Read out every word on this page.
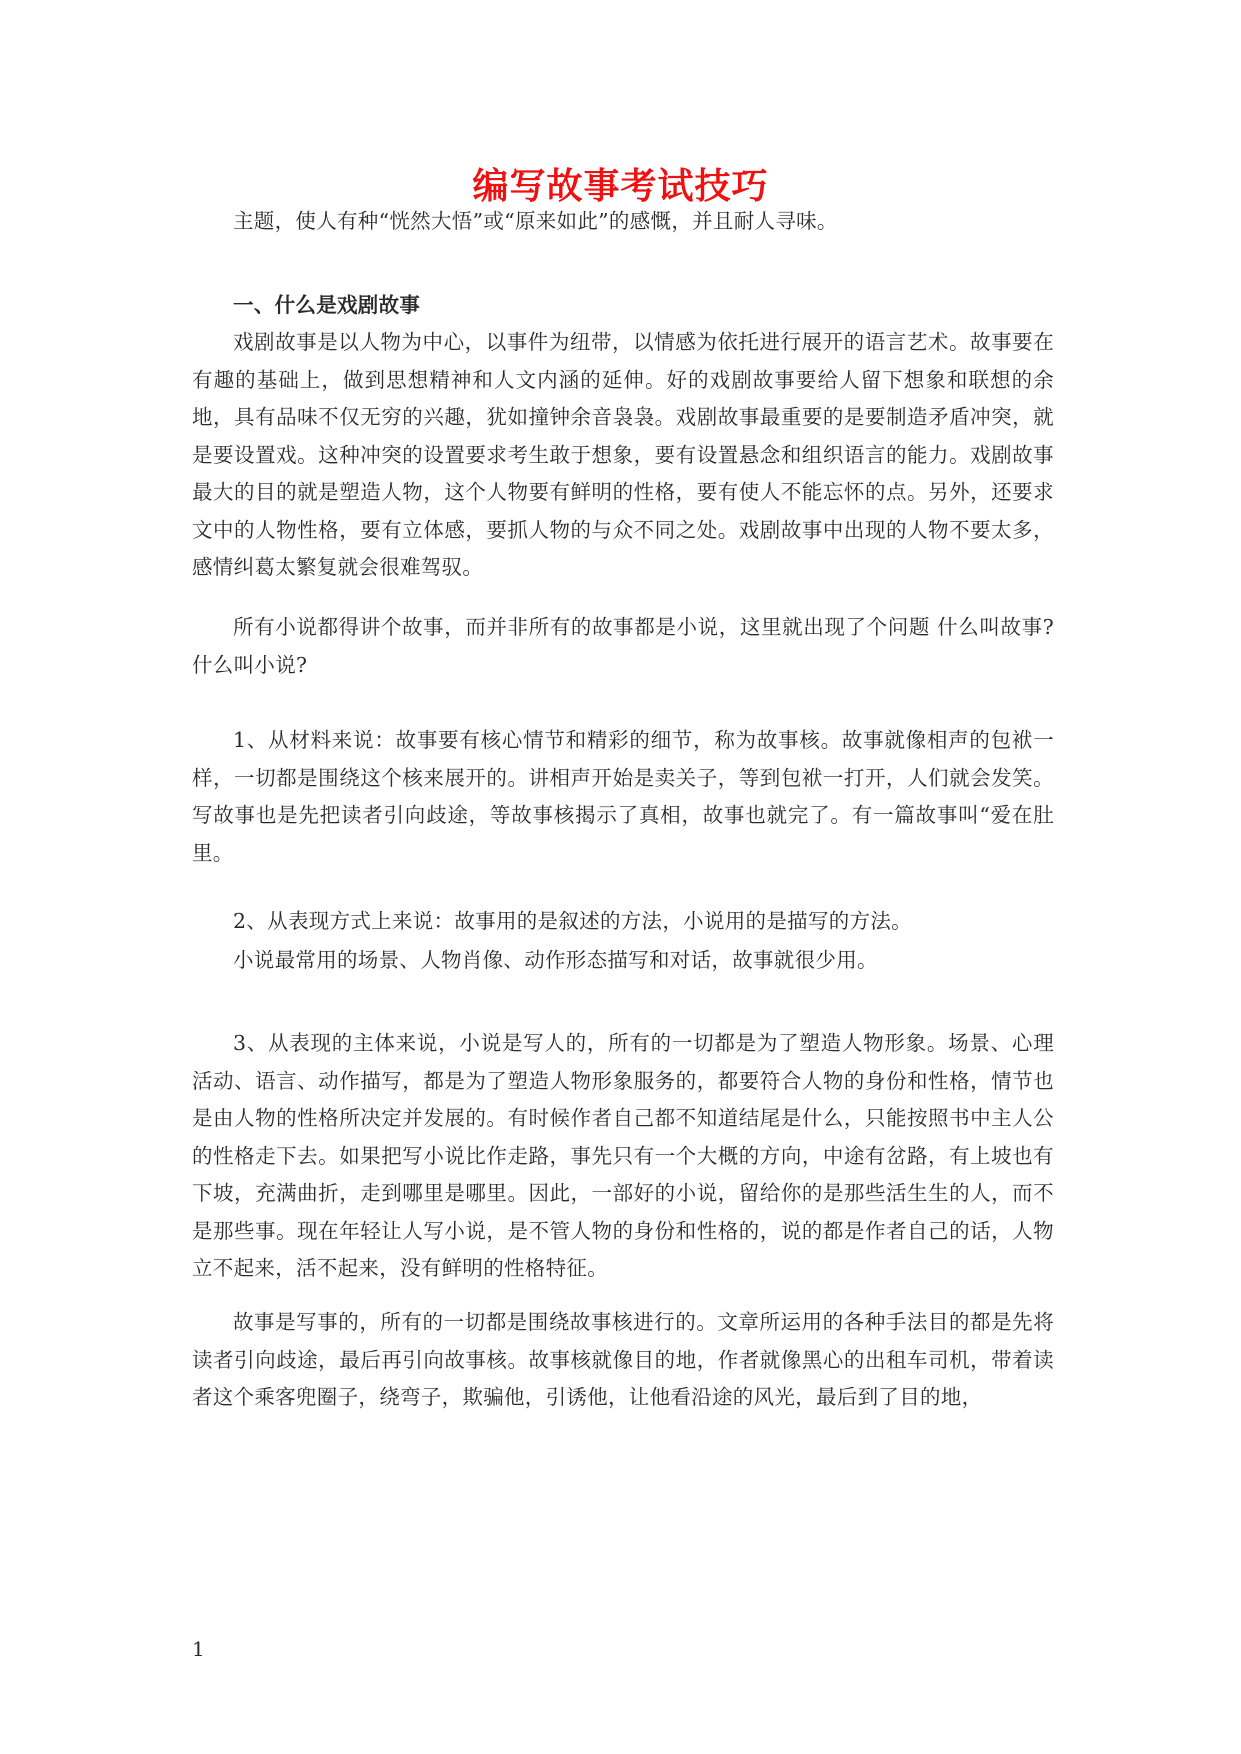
编写故事考试技巧

主题，使人有种“恍然大悟”或“原来如此”的感慨，并且耐人寻味。

一、什么是戏剧故事

戏剧故事是以人物为中心，以事件为纽带，以情感为依托进行展开的语言艺术。故事要在有趣的基础上，做到思想精神和人文内涵的延伸。好的戏剧故事要给人留下想象和联想的余地，具有品味不仅无穷的兴趣，犹如撞钟余音袅袅。戏剧故事最重要的是要制造矛盾冲突，就是要设置戏。这种冲突的设置要求考生敢于想象，要有设置悬念和组织语言的能力。戏剧故事最大的目的就是塑造人物，这个人物要有鲜明的性格，要有使人不能忘怀的点。另外，还要求文中的人物性格，要有立体感，要抓人物的与众不同之处。戏剧故事中出现的人物不要太多，感情纠葛太繁复就会很难驾驭。

所有小说都得讲个故事，而并非所有的故事都是小说，这里就出现了个问题 什么叫故事?什么叫小说?

1、从材料来说：故事要有核心情节和精彩的细节，称为故事核。故事就像相声的包袱一样，一切都是围绕这个核来展开的。讲相声开始是卖关子，等到包袱一打开，人们就会发笑。写故事也是先把读者引向歧途，等故事核揭示了真相，故事也就完了。有一篇故事叫“爱在肚里。

2、从表现方式上来说：故事用的是叙述的方法，小说用的是描写的方法。

小说最常用的场景、人物肖像、动作形态描写和对话，故事就很少用。

3、从表现的主体来说，小说是写人的，所有的一切都是为了塑造人物形象。场景、心理活动、语言、动作描写，都是为了塑造人物形象服务的，都要符合人物的身份和性格，情节也是由人物的性格所决定并发展的。有时候作者自己都不知道结尾是什么，只能按照书中主人公的性格走下去。如果把写小说比作走路，事先只有一个大概的方向，中途有岔路，有上坡也有下坡，充满曲折，走到哪里是哪里。因此，一部好的小说，留给你的是那些活生生的人，而不是那些事。现在年轻让人写小说，是不管人物的身份和性格的，说的都是作者自己的话，人物立不起来，活不起来，没有鲜明的性格特征。

故事是写事的，所有的一切都是围绕故事核进行的。文章所运用的各种手法目的都是先将读者引向歧途，最后再引向故事核。故事核就像目的地，作者就像黑心的出租车司机，带着读者这个乘客兜圈子，绕弯子，欺骗他，引诱他，让他看沿途的风光，最后到了目的地，

1
